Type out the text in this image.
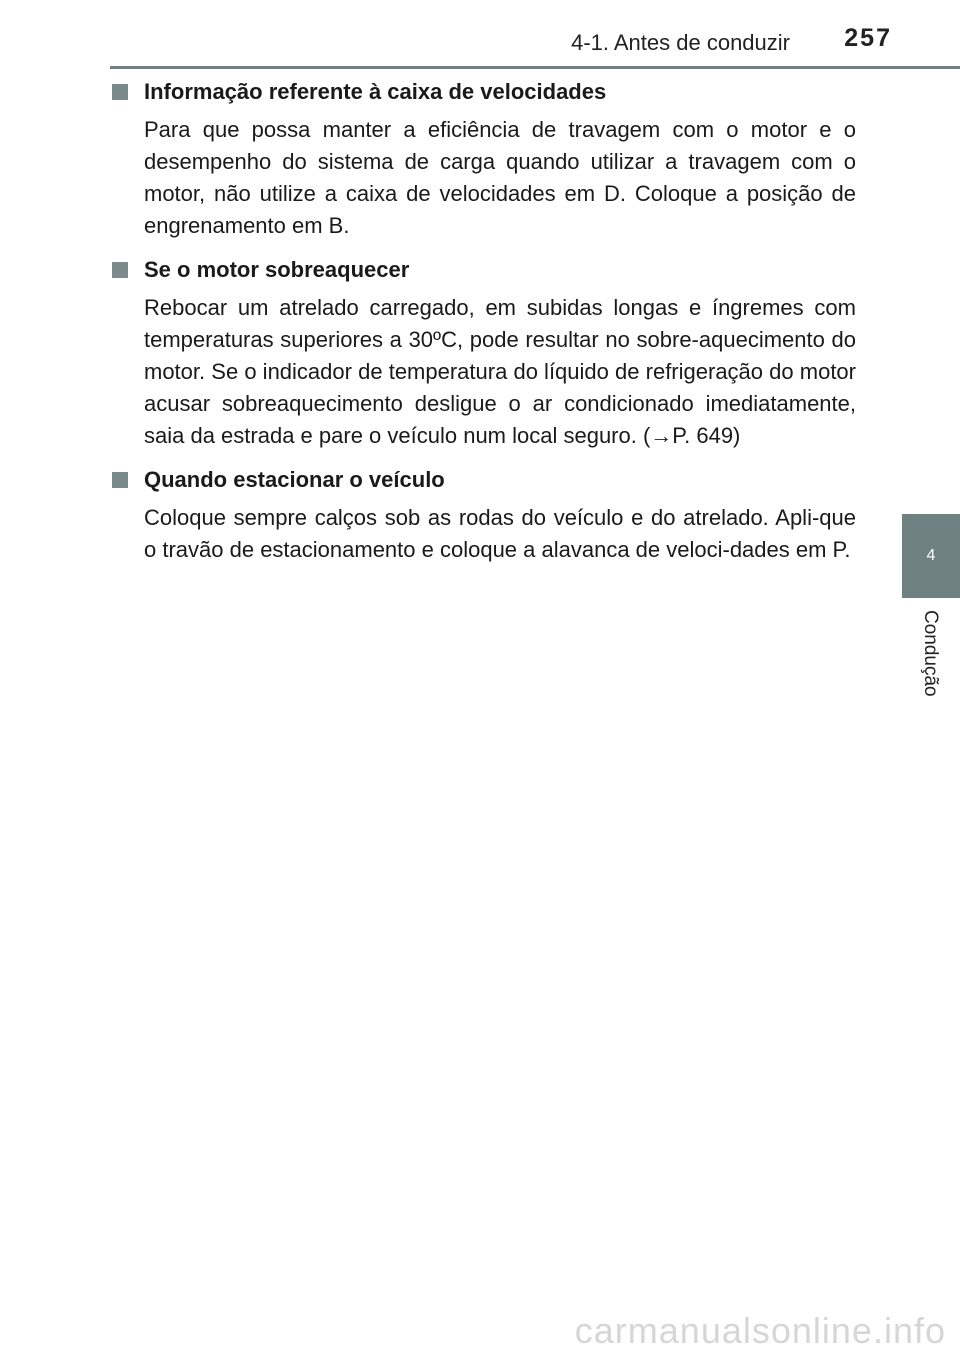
4-1. Antes de conduzir 257
4
Condução
Informação referente à caixa de velocidades

Para que possa manter a eficiência de travagem com o motor e o desempenho do sistema de carga quando utilizar a travagem com o motor, não utilize a caixa de velocidades em D. Coloque a posição de engrenamento em B.

Se o motor sobreaquecer

Rebocar um atrelado carregado, em subidas longas e íngremes com temperaturas superiores a 30ºC, pode resultar no sobre-aquecimento do motor. Se o indicador de temperatura do líquido de refrigeração do motor acusar sobreaquecimento desligue o ar condicionado imediatamente, saia da estrada e pare o veículo num local seguro. (→P. 649)

Quando estacionar o veículo

Coloque sempre calços sob as rodas do veículo e do atrelado. Apli-que o travão de estacionamento e coloque a alavanca de veloci-dades em P.

carmanualsonline.info
